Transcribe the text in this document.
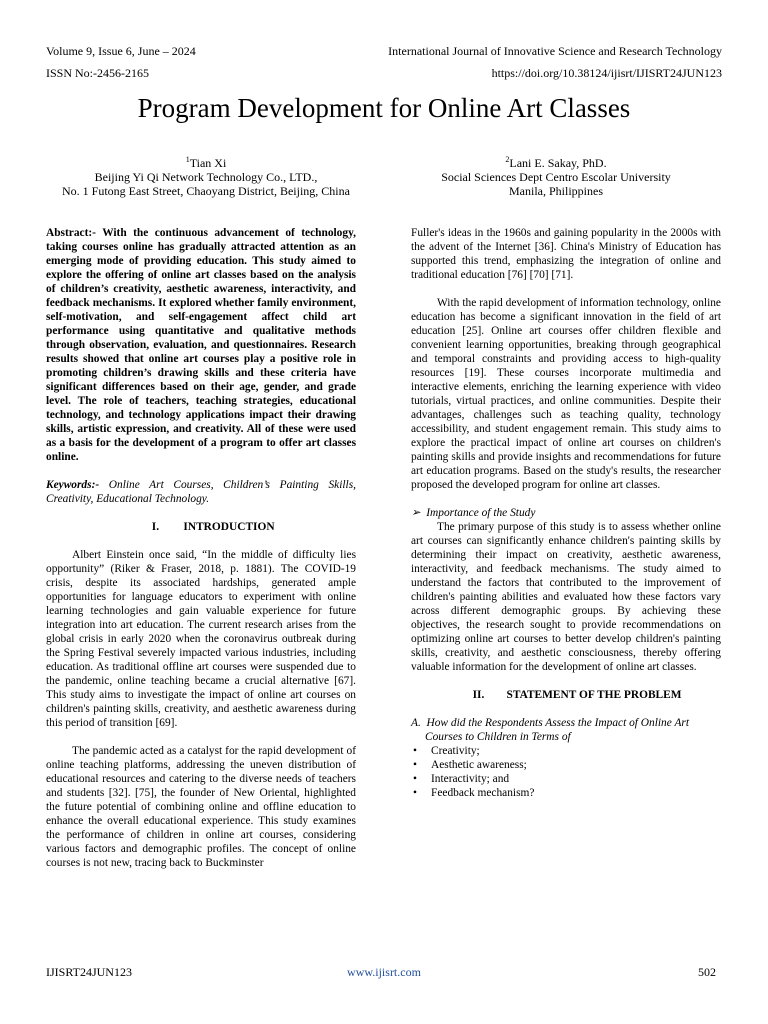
Volume 9, Issue 6, June – 2024	International Journal of Innovative Science and Research Technology
ISSN No:-2456-2165	https://doi.org/10.38124/ijisrt/IJISRT24JUN123
Program Development for Online Art Classes
$^1$Tian Xi
Beijing Yi Qi Network Technology Co., LTD.,
No. 1 Futong East Street, Chaoyang District, Beijing, China
$^2$Lani E. Sakay, PhD.
Social Sciences Dept Centro Escolar University
Manila, Philippines

Abstract:- With the continuous advancement of technology, taking courses online has gradually attracted attention as an emerging mode of providing education. This study aimed to explore the offering of online art classes based on the analysis of children’s creativity, aesthetic awareness, interactivity, and feedback mechanisms. It explored whether family environment, self-motivation, and self-engagement affect child art performance using quantitative and qualitative methods through observation, evaluation, and questionnaires. Research results showed that online art courses play a positive role in promoting children’s drawing skills and these criteria have significant differences based on their age, gender, and grade level. The role of teachers, teaching strategies, educational technology, and technology applications impact their drawing skills, artistic expression, and creativity. All of these were used as a basis for the development of a program to offer art classes online.

Keywords:- Online Art Courses, Children’s Painting Skills, Creativity, Educational Technology.

I. INTRODUCTION

Albert Einstein once said, “In the middle of difficulty lies opportunity” (Riker & Fraser, 2018, p. 1881). The COVID-19 crisis, despite its associated hardships, generated ample opportunities for language educators to experiment with online learning technologies and gain valuable experience for future integration into art education. The current research arises from the global crisis in early 2020 when the coronavirus outbreak during the Spring Festival severely impacted various industries, including education. As traditional offline art courses were suspended due to the pandemic, online teaching became a crucial alternative [67]. This study aims to investigate the impact of online art courses on children's painting skills, creativity, and aesthetic awareness during this period of transition [69].

The pandemic acted as a catalyst for the rapid development of online teaching platforms, addressing the uneven distribution of educational resources and catering to the diverse needs of teachers and students [32]. [75], the founder of New Oriental, highlighted the future potential of combining online and offline education to enhance the overall educational experience. This study examines the performance of children in online art courses, considering various factors and demographic profiles. The concept of online courses is not new, tracing back to Buckminster

Fuller's ideas in the 1960s and gaining popularity in the 2000s with the advent of the Internet [36]. China's Ministry of Education has supported this trend, emphasizing the integration of online and traditional education [76] [70] [71].

With the rapid development of information technology, online education has become a significant innovation in the field of art education [25]. Online art courses offer children flexible and convenient learning opportunities, breaking through geographical and temporal constraints and providing access to high-quality resources [19]. These courses incorporate multimedia and interactive elements, enriching the learning experience with video tutorials, virtual practices, and online communities. Despite their advantages, challenges such as teaching quality, technology accessibility, and student engagement remain. This study aims to explore the practical impact of online art courses on children's painting skills and provide insights and recommendations for future art education programs. Based on the study's results, the researcher proposed the developed program for online art classes.

➢ Importance of the Study

The primary purpose of this study is to assess whether online art courses can significantly enhance children's painting skills by determining their impact on creativity, aesthetic awareness, interactivity, and feedback mechanisms. The study aimed to understand the factors that contributed to the improvement of children's painting abilities and evaluated how these factors vary across different demographic groups. By achieving these objectives, the research sought to provide recommendations on optimizing online art courses to better develop children's painting skills, creativity, and aesthetic consciousness, thereby offering valuable information for the development of online art classes.

II. STATEMENT OF THE PROBLEM

A. How did the Respondents Assess the Impact of Online Art Courses to Children in Terms of

• Creativity;
• Aesthetic awareness;
• Interactivity; and
• Feedback mechanism?
IJISRT24JUN123	www.ijisrt.com	502
